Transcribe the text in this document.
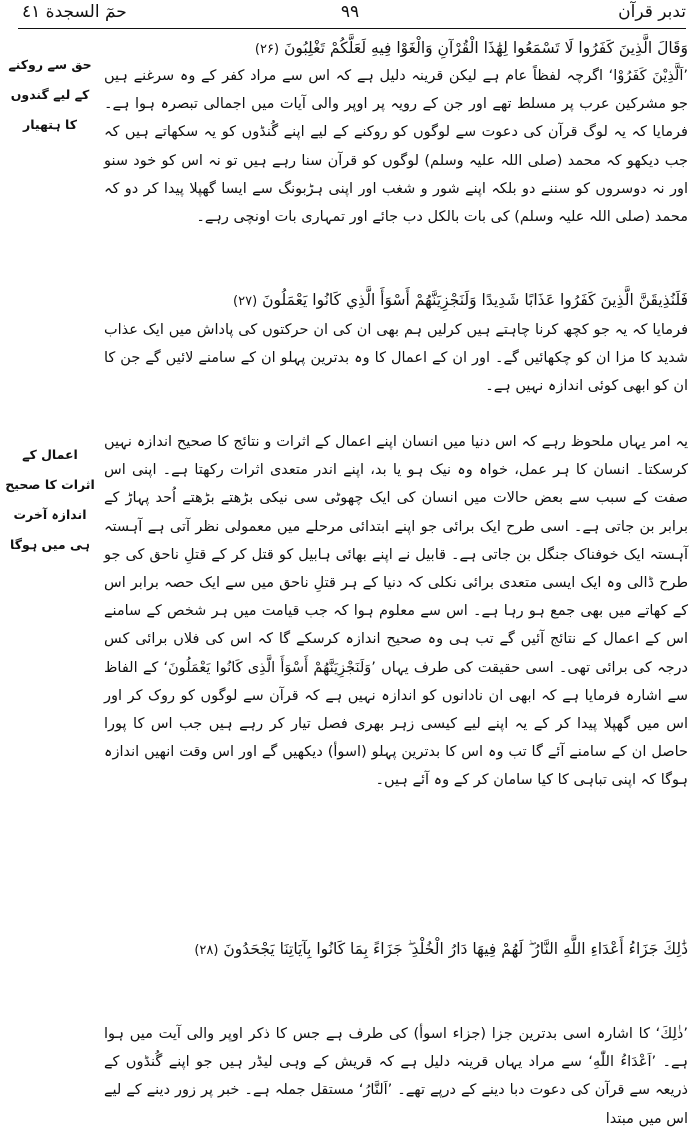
حمٓ السجدة ٤١	۹۹	تدبر قرآن
حق سے روکنے کے لیے گندوں کا ہتھیار
اعمال کے اثرات کا صحیح اندازہ آخرت ہی میں ہوگا
وَقَالَ الَّذِينَ كَفَرُوا لَا تَسْمَعُوا لِهَٰذَا الْقُرْآنِ وَالْغَوْا فِيهِ لَعَلَّكُمْ تَغْلِبُونَ (۲۶)
’اَلَّذِیْنَ کَفَرُوْا‘ اگرچہ لفظاً عام ہے لیکن قرینہ دلیل ہے کہ اس سے مراد کفر کے وہ سرغنے ہیں جو مشرکین عرب پر مسلط تھے اور جن کے رویہ پر اوپر والی آیات میں اجمالی تبصرہ ہوا ہے۔ فرمایا کہ یہ لوگ قرآن کی دعوت سے لوگوں کو روکنے کے لیے اپنے گُنڈوں کو یہ سکھاتے ہیں کہ جب دیکھو کہ محمد (صلی اللہ علیہ وسلم) لوگوں کو قرآن سنا رہے ہیں تو نہ اس کو خود سنو اور نہ دوسروں کو سننے دو بلکہ اپنے شور و شغب اور اپنی ہڑبونگ سے ایسا گھپلا پیدا کر دو کہ محمد (صلی اللہ علیہ وسلم) کی بات بالکل دب جائے اور تمہاری بات اونچی رہے۔
فَلَنُذِيقَنَّ الَّذِينَ كَفَرُوا عَذَابًا شَدِيدًا وَلَنَجْزِيَنَّهُمْ أَسْوَأَ الَّذِي كَانُوا يَعْمَلُونَ (۲۷)
فرمایا کہ یہ جو کچھ کرنا چاہتے ہیں کرلیں ہم بھی ان کی ان حرکتوں کی پاداش میں ایک عذاب شدید کا مزا ان کو چکھائیں گے۔ اور ان کے اعمال کا وہ بدترین پہلو ان کے سامنے لائیں گے جن کا ان کو ابھی کوئی اندازہ نہیں ہے۔
یہ امر یہاں ملحوظ رہے کہ اس دنیا میں انسان اپنے اعمال کے اثرات و نتائج کا صحیح اندازہ نہیں کرسکتا۔ انسان کا ہر عمل، خواہ وہ نیک ہو یا بد، اپنے اندر متعدی اثرات رکھتا ہے۔ اپنی اس صفت کے سبب سے بعض حالات میں انسان کی ایک چھوٹی سی نیکی بڑھتے بڑھتے اُحد پہاڑ کے برابر بن جاتی ہے۔ اسی طرح ایک برائی جو اپنے ابتدائی مرحلے میں معمولی نظر آتی ہے آہستہ آہستہ ایک خوفناک جنگل بن جاتی ہے۔ قابیل نے اپنے بھائی ہابیل کو قتل کر کے قتلِ ناحق کی جو طرح ڈالی وہ ایک ایسی متعدی برائی نکلی کہ دنیا کے ہر قتلِ ناحق میں سے ایک حصہ برابر اس کے کھاتے میں بھی جمع ہو رہا ہے۔ اس سے معلوم ہوا کہ جب قیامت میں ہر شخص کے سامنے اس کے اعمال کے نتائج آئیں گے تب ہی وہ صحیح اندازہ کرسکے گا کہ اس کی فلاں برائی کس درجہ کی برائی تھی۔ اسی حقیقت کی طرف یہاں ’وَلَنَجْزِیَنَّهُمْ أَسْوَأَ الَّذِی كَانُوا يَعْمَلُونَ‘ کے الفاظ سے اشارہ فرمایا ہے کہ ابھی ان نادانوں کو اندازہ نہیں ہے کہ قرآن سے لوگوں کو روک کر اور اس میں گھپلا پیدا کر کے یہ اپنے لیے کیسی زہر بھری فصل تیار کر رہے ہیں جب اس کا پورا حاصل ان کے سامنے آئے گا تب وہ اس کا بدترین پہلو (اسوأ) دیکھیں گے اور اس وقت انھیں اندازہ ہوگا کہ اپنی تباہی کا کیا سامان کر کے وہ آئے ہیں۔
ذَٰلِكَ جَزَاءُ أَعْدَاءِ اللَّهِ النَّارُ ۖ لَهُمْ فِيهَا دَارُ الْخُلْدِ ۖ جَزَاءً بِمَا كَانُوا بِآيَاتِنَا يَجْحَدُونَ (۲۸)
’ذٰلِكَ‘ کا اشارہ اسی بدترین جزا (جزاء اسوأ) کی طرف ہے جس کا ذکر اوپر والی آیت میں ہوا ہے۔ ’اَعْدَاءُ اللّٰهِ‘ سے مراد یہاں قرینہ دلیل ہے کہ قریش کے وہی لیڈر ہیں جو اپنے گُنڈوں کے ذریعہ سے قرآن کی دعوت دبا دینے کے درپے تھے۔ ’اَلنَّارُ‘ مستقل جملہ ہے۔ خبر پر زور دینے کے لیے اس میں مبتدا
